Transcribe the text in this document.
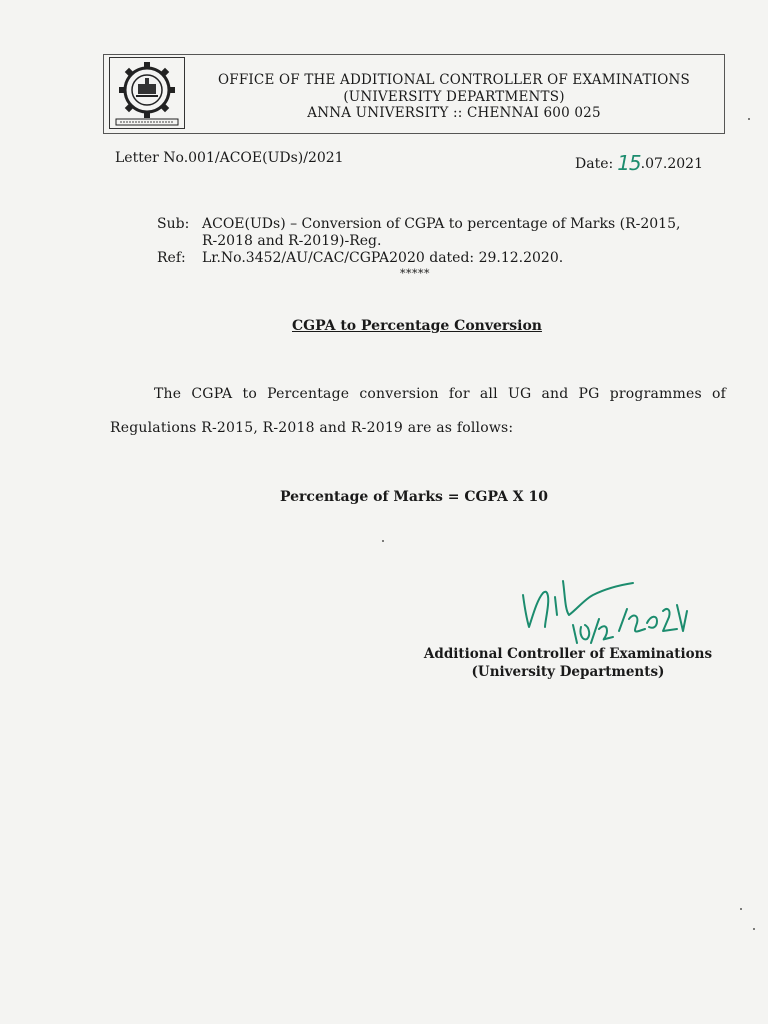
OFFICE OF THE ADDITIONAL CONTROLLER OF EXAMINATIONS
(UNIVERSITY DEPARTMENTS)
ANNA UNIVERSITY :: CHENNAI 600 025
Letter No.001/ACOE(UDs)/2021	Date: 15.07.2021
Sub: ACOE(UDs) – Conversion of CGPA to percentage of Marks (R-2015,
R-2018 and R-2019)-Reg.
Ref:	Lr.No.3452/AU/CAC/CGPA2020 dated: 29.12.2020.
*****
CGPA to Percentage Conversion
The CGPA to Percentage conversion for all UG and PG programmes of
Regulations R-2015, R-2018 and R-2019 are as follows:
Percentage of Marks = CGPA X 10
Additional Controller of Examinations
(University Departments)
